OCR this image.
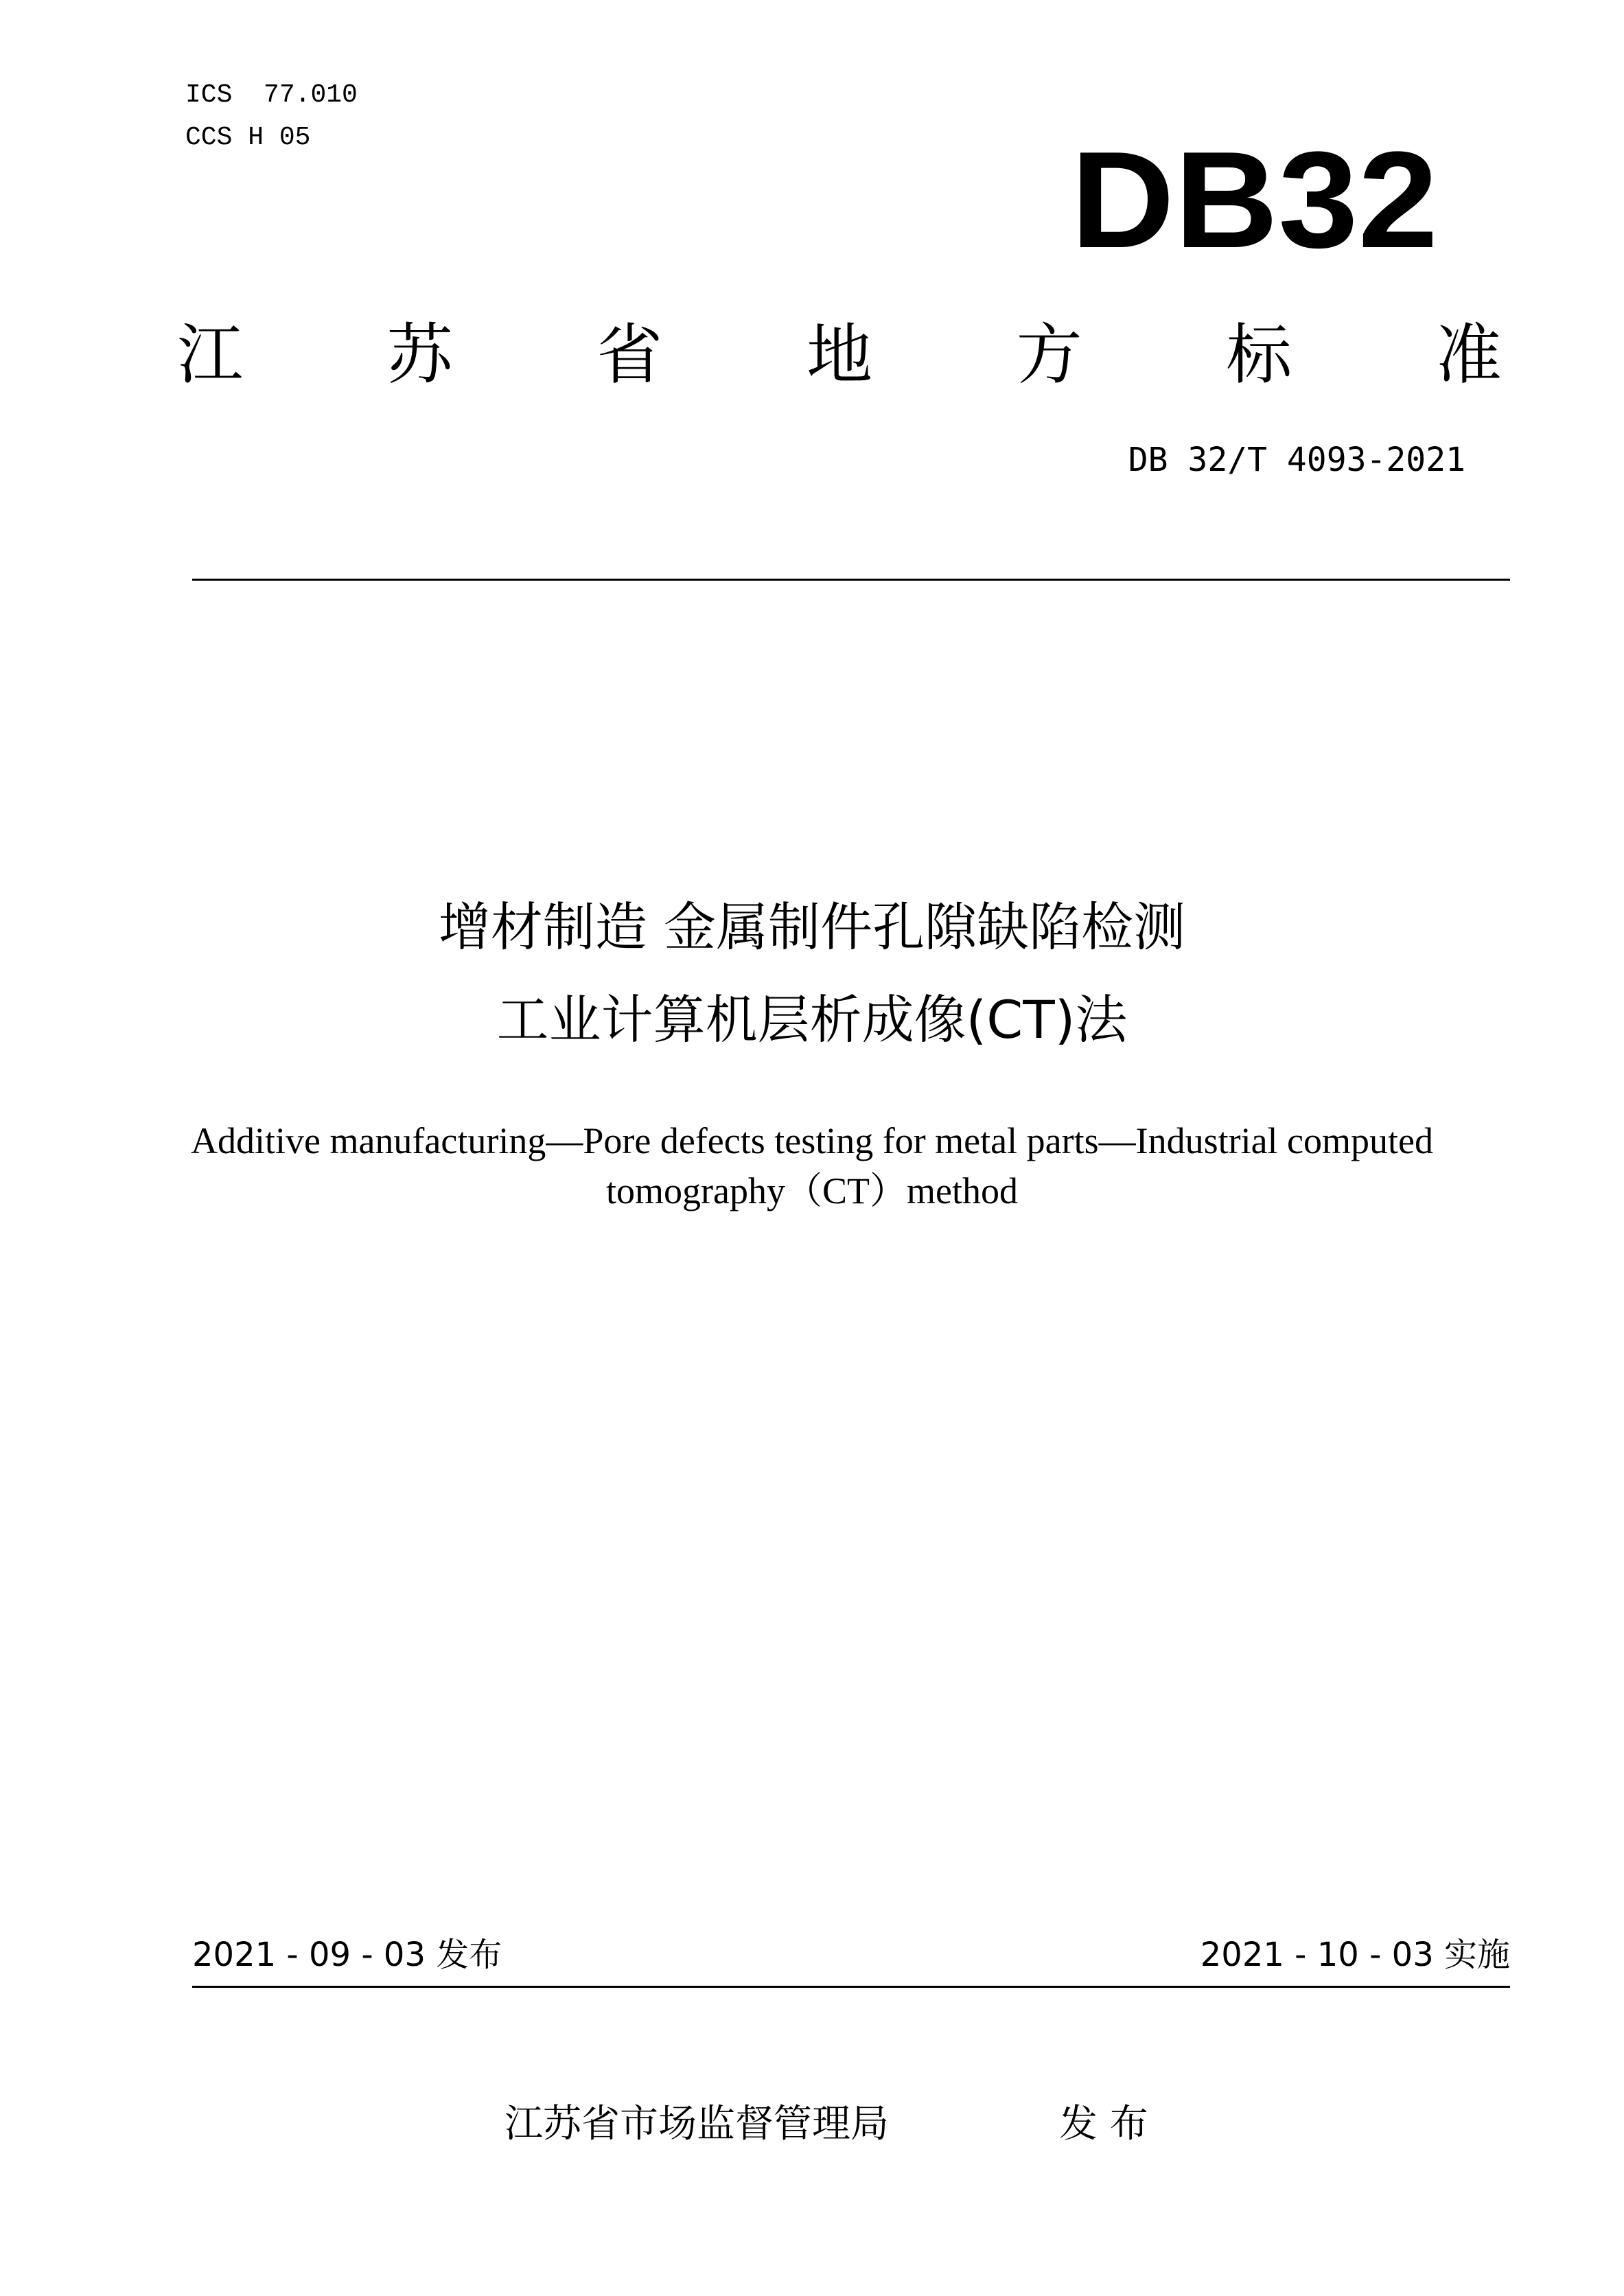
ICS 77.010
CCS H 05	DB32
江 苏 省 地 方 标 准
DB 32/T 4093-2021
增材制造 金属制件孔隙缺陷检测
工业计算机层析成像(CT)法
Additive manufacturing—Pore defects testing for metal parts—Industrial computed
tomography（CT）method
2021 - 09 - 03 发布	2021 - 10 - 03 实施
江苏省市场监督管理局	发 布
